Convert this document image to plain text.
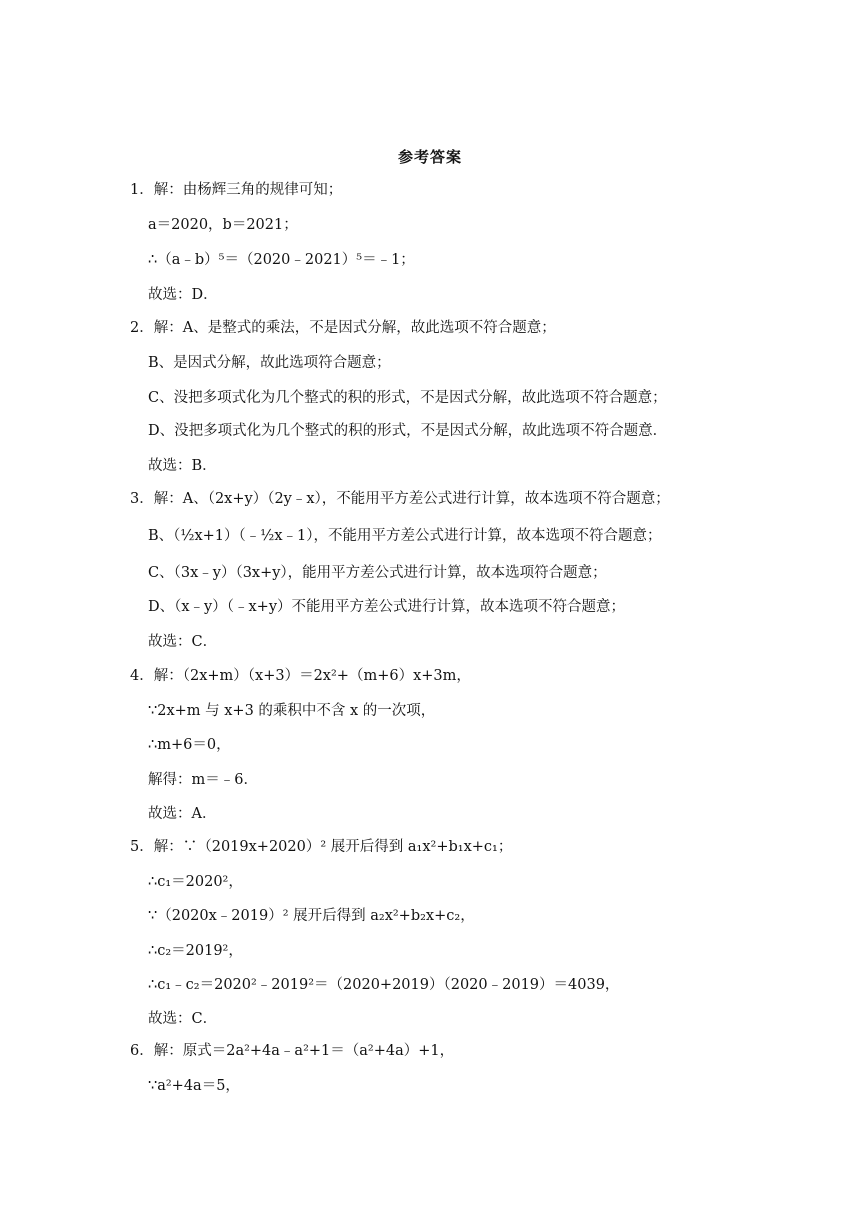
参考答案
1．解：由杨辉三角的规律可知；
a＝2020，b＝2021；
∴（a﹣b）⁵＝（2020﹣2021）⁵＝﹣1；
故选：D．
2．解：A、是整式的乘法，不是因式分解，故此选项不符合题意；
B、是因式分解，故此选项符合题意；
C、没把多项式化为几个整式的积的形式，不是因式分解，故此选项不符合题意；
D、没把多项式化为几个整式的积的形式，不是因式分解，故此选项不符合题意．
故选：B．
3．解：A、（2x+y）（2y﹣x），不能用平方差公式进行计算，故本选项不符合题意；
B、（½x+1）（﹣½x﹣1），不能用平方差公式进行计算，故本选项不符合题意；
C、（3x﹣y）（3x+y），能用平方差公式进行计算，故本选项符合题意；
D、（x﹣y）（﹣x+y）不能用平方差公式进行计算，故本选项不符合题意；
故选：C．
4．解：（2x+m）（x+3）＝2x²+（m+6）x+3m，
∵2x+m 与 x+3 的乘积中不含 x 的一次项，
∴m+6＝0，
解得：m＝﹣6．
故选：A．
5．解：∵（2019x+2020）² 展开后得到 a₁x²+b₁x+c₁；
∴c₁＝2020²，
∵（2020x﹣2019）² 展开后得到 a₂x²+b₂x+c₂，
∴c₂＝2019²，
∴c₁﹣c₂＝2020²﹣2019²＝（2020+2019）（2020﹣2019）＝4039，
故选：C．
6．解：原式＝2a²+4a﹣a²+1＝（a²+4a）+1，
∵a²+4a＝5，
